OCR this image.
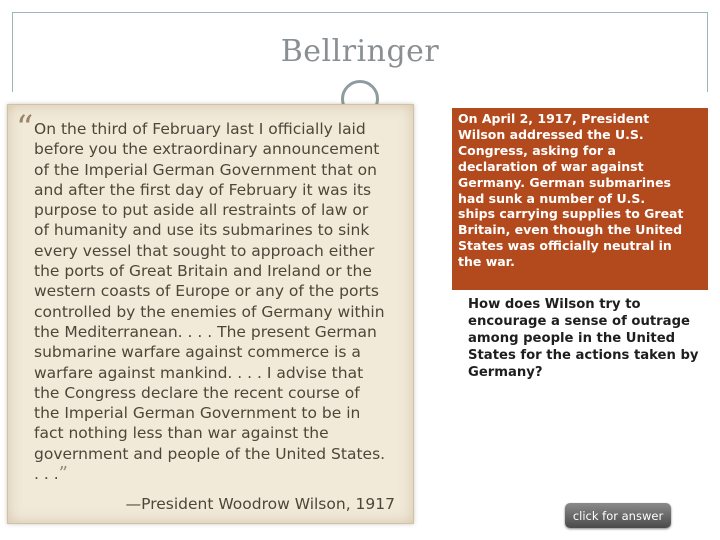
Bellringer
“ On the third of February last I officially laid
before you the extraordinary announcement
of the Imperial German Government that on
and after the first day of February it was its
purpose to put aside all restraints of law or
of humanity and use its submarines to sink
every vessel that sought to approach either
the ports of Great Britain and Ireland or the
western coasts of Europe or any of the ports
controlled by the enemies of Germany within
the Mediterranean. . . . The present German
submarine warfare against commerce is a
warfare against mankind. . . . I advise that
the Congress declare the recent course of
the Imperial German Government to be in
fact nothing less than war against the
government and people of the United States.
. . .”
—President Woodrow Wilson, 1917
On April 2, 1917, President
Wilson addressed the U.S.
Congress, asking for a
declaration of war against
Germany. German submarines
had sunk a number of U.S.
ships carrying supplies to Great
Britain, even though the United
States was officially neutral in
the war.
How does Wilson try to
encourage a sense of outrage
among people in the United
States for the actions taken by
Germany?
click for answer
